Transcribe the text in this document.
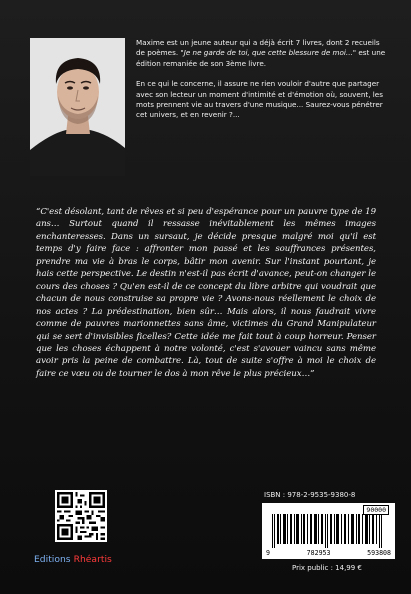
Maxime est un jeune auteur qui a déjà écrit 7 livres, dont 2 recueils de poèmes. "Je ne garde de toi, que cette blessure de moi..." est une édition remaniée de son 3ème livre.

En ce qui le concerne, il assure ne rien vouloir d'autre que partager avec son lecteur un moment d'intimité et d'émotion où, souvent, les mots prennent vie au travers d'une musique... Saurez-vous pénétrer cet univers, et en revenir ?...

“C'est désolant, tant de rêves et si peu d'espérance pour un pauvre type de 19 ans… Surtout quand il ressasse inévitablement les mêmes images enchanteresses. Dans un sursaut, je décide presque malgré moi qu'il est temps d'y faire face : affronter mon passé et les souffrances présentes, prendre ma vie à bras le corps, bâtir mon avenir. Sur l'instant pourtant, je hais cette perspective. Le destin n'est-il pas écrit d'avance, peut-on changer le cours des choses ? Qu'en est-il de ce concept du libre arbitre qui voudrait que chacun de nous construise sa propre vie ? Avons-nous réellement le choix de nos actes ? La prédestination, bien sûr… Mais alors, il nous faudrait vivre comme de pauvres marionnettes sans âme, victimes du Grand Manipulateur qui se sert d'invisibles ficelles? Cette idée me fait tout à coup horreur. Penser que les choses échappent à notre volonté, c'est s'avouer vaincu sans même avoir pris la peine de combattre. Là, tout de suite s'offre à moi le choix de faire ce vœu ou de tourner le dos à mon rêve le plus précieux…”
Editions Rhéartis
ISBN : 978-2-9535-9380-8
90000
9	782953	593808
Prix public : 14,99 €
